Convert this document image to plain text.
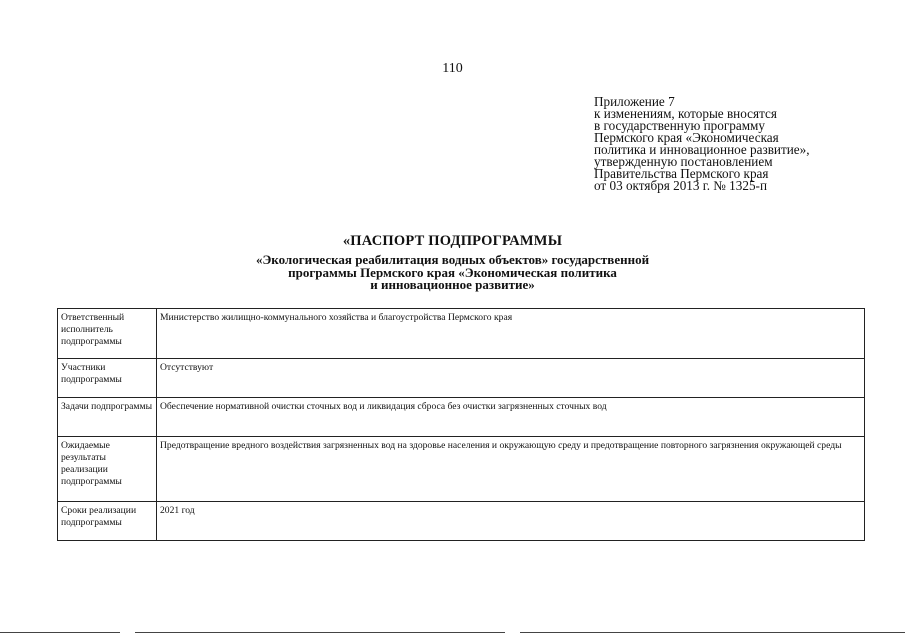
110
Приложение 7
к изменениям, которые вносятся
в государственную программу
Пермского края «Экономическая
политика и инновационное развитие»,
утвержденную постановлением
Правительства Пермского края
от 03 октября 2013 г. № 1325-п
«ПАСПОРТ ПОДПРОГРАММЫ
«Экологическая реабилитация водных объектов» государственной
программы Пермского края «Экономическая политика
и инновационное развитие»
Ответственный исполнитель подпрограммы	Министерство жилищно-коммунального хозяйства и благоустройства Пермского края
Участники подпрограммы	Отсутствуют
Задачи подпрограммы	Обеспечение нормативной очистки сточных вод и ликвидация сброса без очистки загрязненных сточных вод
Ожидаемые результаты реализации подпрограммы	Предотвращение вредного воздействия загрязненных вод на здоровье населения и окружающую среду и предотвращение повторного загрязнения окружающей среды
Сроки реализации подпрограммы	2021 год
